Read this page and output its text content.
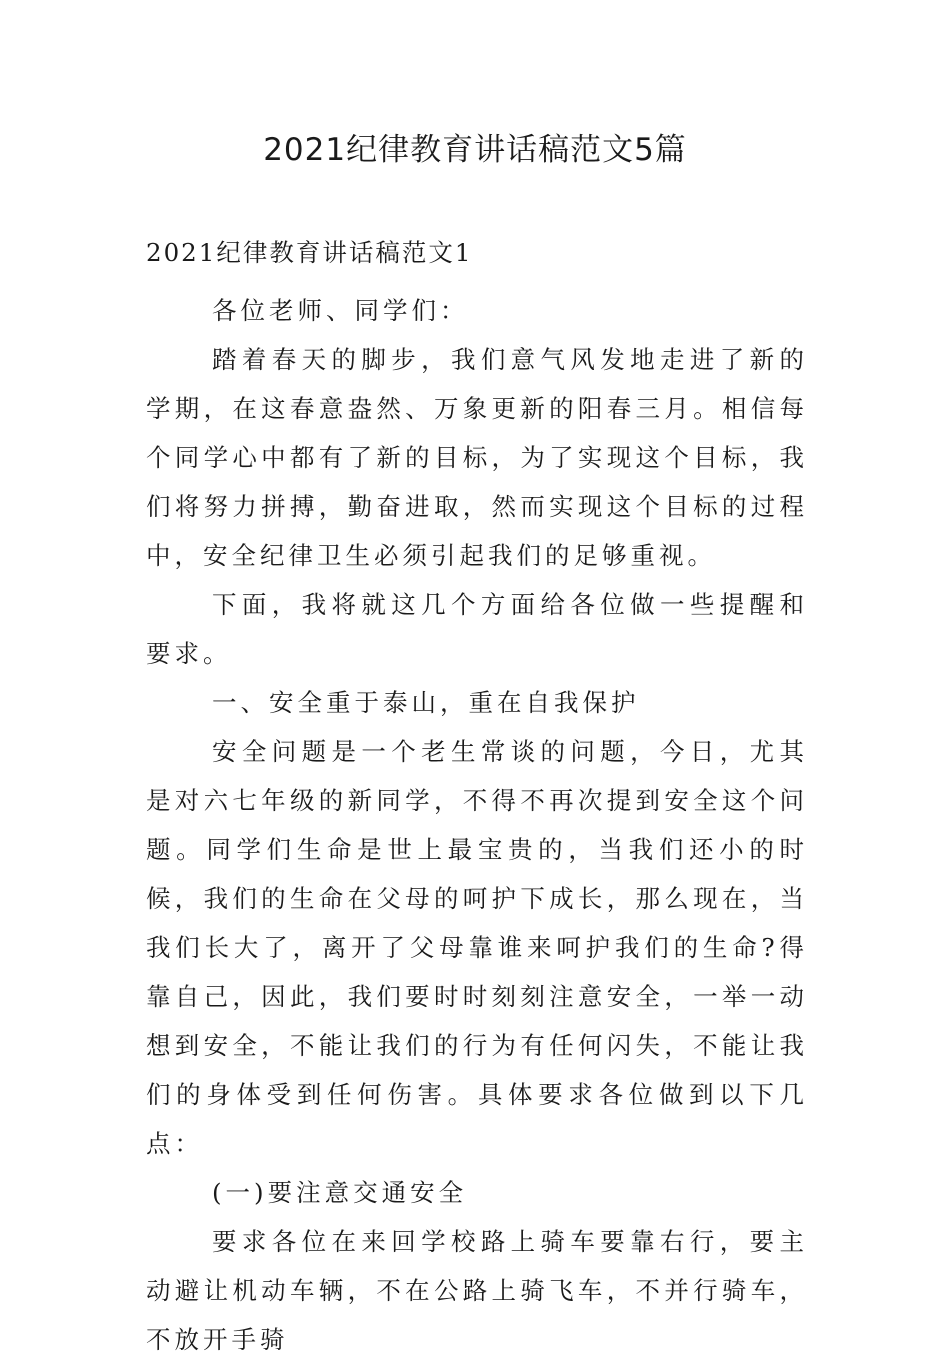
2021纪律教育讲话稿范文5篇

2021纪律教育讲话稿范文1

各位老师、同学们：

踏着春天的脚步，我们意气风发地走进了新的学期，在这春意盎然、万象更新的阳春三月。相信每个同学心中都有了新的目标，为了实现这个目标，我们将努力拼搏，勤奋进取，然而实现这个目标的过程中，安全纪律卫生必须引起我们的足够重视。

下面，我将就这几个方面给各位做一些提醒和要求。

一、安全重于泰山，重在自我保护

安全问题是一个老生常谈的问题，今日，尤其是对六七年级的新同学，不得不再次提到安全这个问题。同学们生命是世上最宝贵的，当我们还小的时候，我们的生命在父母的呵护下成长，那么现在，当我们长大了，离开了父母靠谁来呵护我们的生命?得靠自己，因此，我们要时时刻刻注意安全，一举一动想到安全，不能让我们的行为有任何闪失，不能让我们的身体受到任何伤害。具体要求各位做到以下几点：

(一)要注意交通安全

要求各位在来回学校路上骑车要靠右行，要主动避让机动车辆，不在公路上骑飞车，不并行骑车，不放开手骑
